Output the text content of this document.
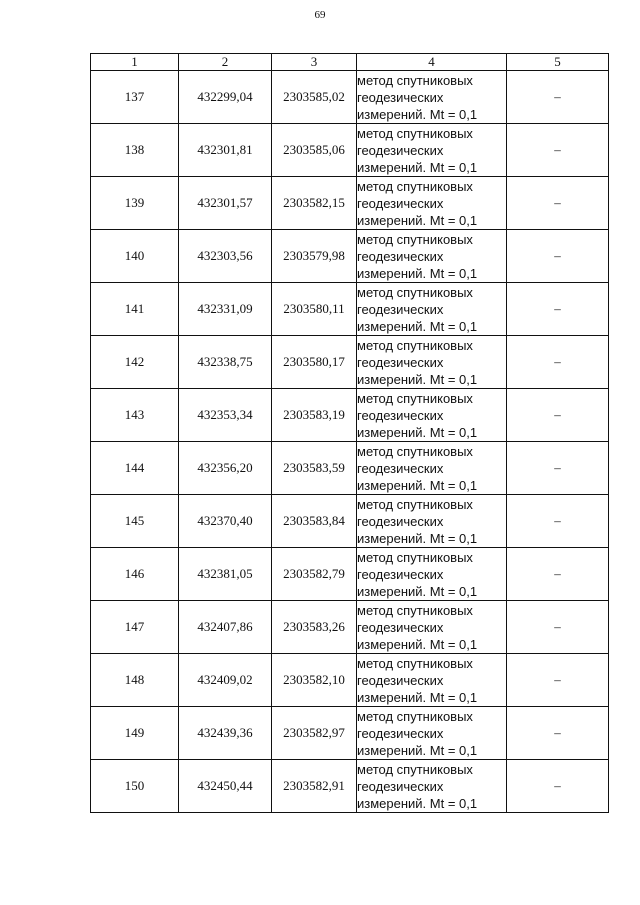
69
1	2	3	4	5
137	432299,04	2303585,02	метод спутниковых
геодезических
измерений. Mt = 0,1	–
138	432301,81	2303585,06	метод спутниковых
геодезических
измерений. Mt = 0,1	–
139	432301,57	2303582,15	метод спутниковых
геодезических
измерений. Mt = 0,1	–
140	432303,56	2303579,98	метод спутниковых
геодезических
измерений. Mt = 0,1	–
141	432331,09	2303580,11	метод спутниковых
геодезических
измерений. Mt = 0,1	–
142	432338,75	2303580,17	метод спутниковых
геодезических
измерений. Mt = 0,1	–
143	432353,34	2303583,19	метод спутниковых
геодезических
измерений. Mt = 0,1	–
144	432356,20	2303583,59	метод спутниковых
геодезических
измерений. Mt = 0,1	–
145	432370,40	2303583,84	метод спутниковых
геодезических
измерений. Mt = 0,1	–
146	432381,05	2303582,79	метод спутниковых
геодезических
измерений. Mt = 0,1	–
147	432407,86	2303583,26	метод спутниковых
геодезических
измерений. Mt = 0,1	–
148	432409,02	2303582,10	метод спутниковых
геодезических
измерений. Mt = 0,1	–
149	432439,36	2303582,97	метод спутниковых
геодезических
измерений. Mt = 0,1	–
150	432450,44	2303582,91	метод спутниковых
геодезических
измерений. Mt = 0,1	–
